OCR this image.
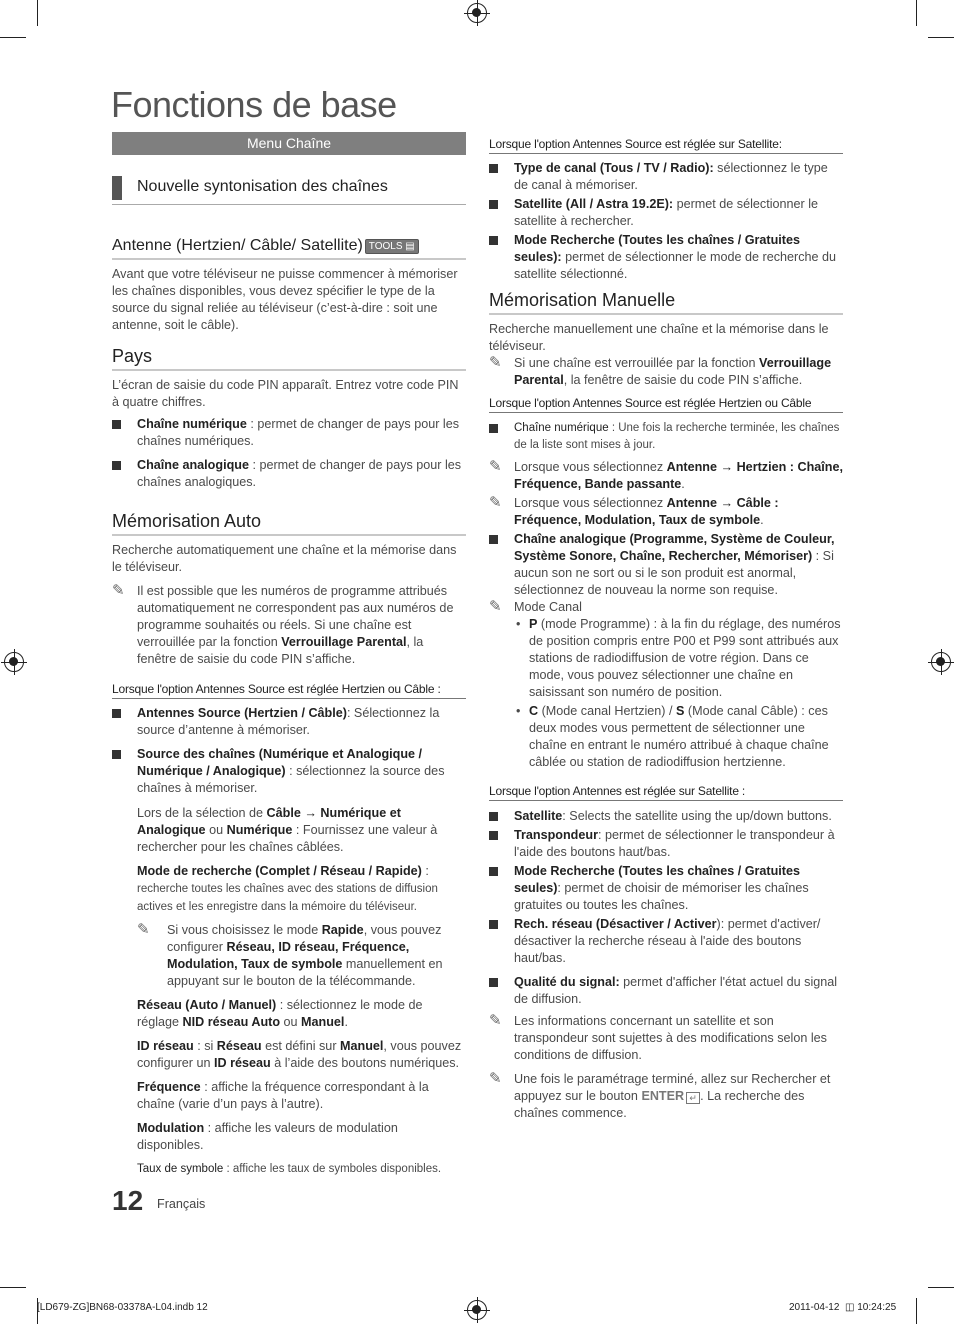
Fonctions de base
Menu Chaîne
Nouvelle syntonisation des chaînes
Antenne (Hertzien/ Câble/ Satellite) TOOLS ▤

Avant que votre téléviseur ne puisse commencer à mémoriser les chaînes disponibles, vous devez spécifier le type de la source du signal reliée au téléviseur (c’est-à-dire : soit une antenne, soit le câble).

Pays

L’écran de saisie du code PIN apparaît. Entrez votre code PIN à quatre chiffres.

Chaîne numérique : permet de changer de pays pour les chaînes numériques.
Chaîne analogique : permet de changer de pays pour les chaînes analogiques.
Mémorisation Auto

Recherche automatiquement une chaîne et la mémorise dans le téléviseur.

✎ Il est possible que les numéros de programme attribués automatiquement ne correspondent pas aux numéros de programme souhaités ou réels. Si une chaîne est verrouillée par la fonction Verrouillage Parental, la fenêtre de saisie du code PIN s’affiche.
Lorsque l'option Antennes Source est réglée Hertzien ou Câble :
Antennes Source (Hertzien / Câble): Sélectionnez la source d’antenne à mémoriser.
Source des chaînes (Numérique et Analogique / Numérique / Analogique) : sélectionnez la source des chaînes à mémoriser.
Lors de la sélection de Câble → Numérique et Analogique ou Numérique : Fournissez une valeur à rechercher pour les chaînes câblées.
Mode de recherche (Complet / Réseau / Rapide) :
recherche toutes les chaînes avec des stations de diffusion actives et les enregistre dans la mémoire du téléviseur.
✎ Si vous choisissez le mode Rapide, vous pouvez configurer Réseau, ID réseau, Fréquence, Modulation, Taux de symbole manuellement en appuyant sur le bouton de la télécommande.
Réseau (Auto / Manuel) : sélectionnez le mode de réglage NID réseau Auto ou Manuel.
ID réseau : si Réseau est défini sur Manuel, vous pouvez configurer un ID réseau à l’aide des boutons numériques.
Fréquence : affiche la fréquence correspondant à la chaîne (varie d’un pays à l’autre).
Modulation : affiche les valeurs de modulation disponibles.
Taux de symbole : affiche les taux de symboles disponibles.
Lorsque l'option Antennes Source est réglée sur Satellite:
Type de canal (Tous / TV / Radio): sélectionnez le type de canal à mémoriser.
Satellite (All / Astra 19.2E): permet de sélectionner le satellite à rechercher.
Mode Recherche (Toutes les chaînes / Gratuites seules): permet de sélectionner le mode de recherche du satellite sélectionné.
Mémorisation Manuelle

Recherche manuellement une chaîne et la mémorise dans le téléviseur.

✎ Si une chaîne est verrouillée par la fonction Verrouillage Parental, la fenêtre de saisie du code PIN s’affiche.
Lorsque l'option Antennes Source est réglée Hertzien ou Câble
Chaîne numérique : Une fois la recherche terminée, les chaînes de la liste sont mises à jour.
✎ Lorsque vous sélectionnez Antenne → Hertzien : Chaîne, Fréquence, Bande passante.
✎ Lorsque vous sélectionnez Antenne → Câble : Fréquence, Modulation, Taux de symbole.
Chaîne analogique (Programme, Système de Couleur, Système Sonore, Chaîne, Rechercher, Mémoriser) : Si aucun son ne sort ou si le son produit est anormal, sélectionnez de nouveau la norme son requise.
✎ Mode Canal
• P (mode Programme) : à la fin du réglage, des numéros de position compris entre P00 et P99 sont attribués aux stations de radiodiffusion de votre région. Dans ce mode, vous pouvez sélectionner une chaîne en saisissant son numéro de position.
• C (Mode canal Hertzien) / S (Mode canal Câble) : ces deux modes vous permettent de sélectionner une chaîne en entrant le numéro attribué à chaque chaîne câblée ou station de radiodiffusion hertzienne.
Lorsque l'option Antennes est réglée sur Satellite :
Satellite: Selects the satellite using the up/down buttons.
Transpondeur: permet de sélectionner le transpondeur à l'aide des boutons haut/bas.
Mode Recherche (Toutes les chaînes / Gratuites seules): permet de choisir de mémoriser les chaînes gratuites ou toutes les chaînes.
Rech. réseau (Désactiver / Activer): permet d'activer/ désactiver la recherche réseau à l'aide des boutons haut/bas.
Qualité du signal: permet d'afficher l'état actuel du signal de diffusion.
✎ Les informations concernant un satellite et son transpondeur sont sujettes à des modifications selon les conditions de diffusion.
✎ Une fois le paramétrage terminé, allez sur Rechercher et appuyez sur le bouton ENTER ↵ . La recherche des chaînes commence.
12 Français
[LD679-ZG]BN68-03378A-L04.indb 12	2011-04-12 ◫ 10:24:25
